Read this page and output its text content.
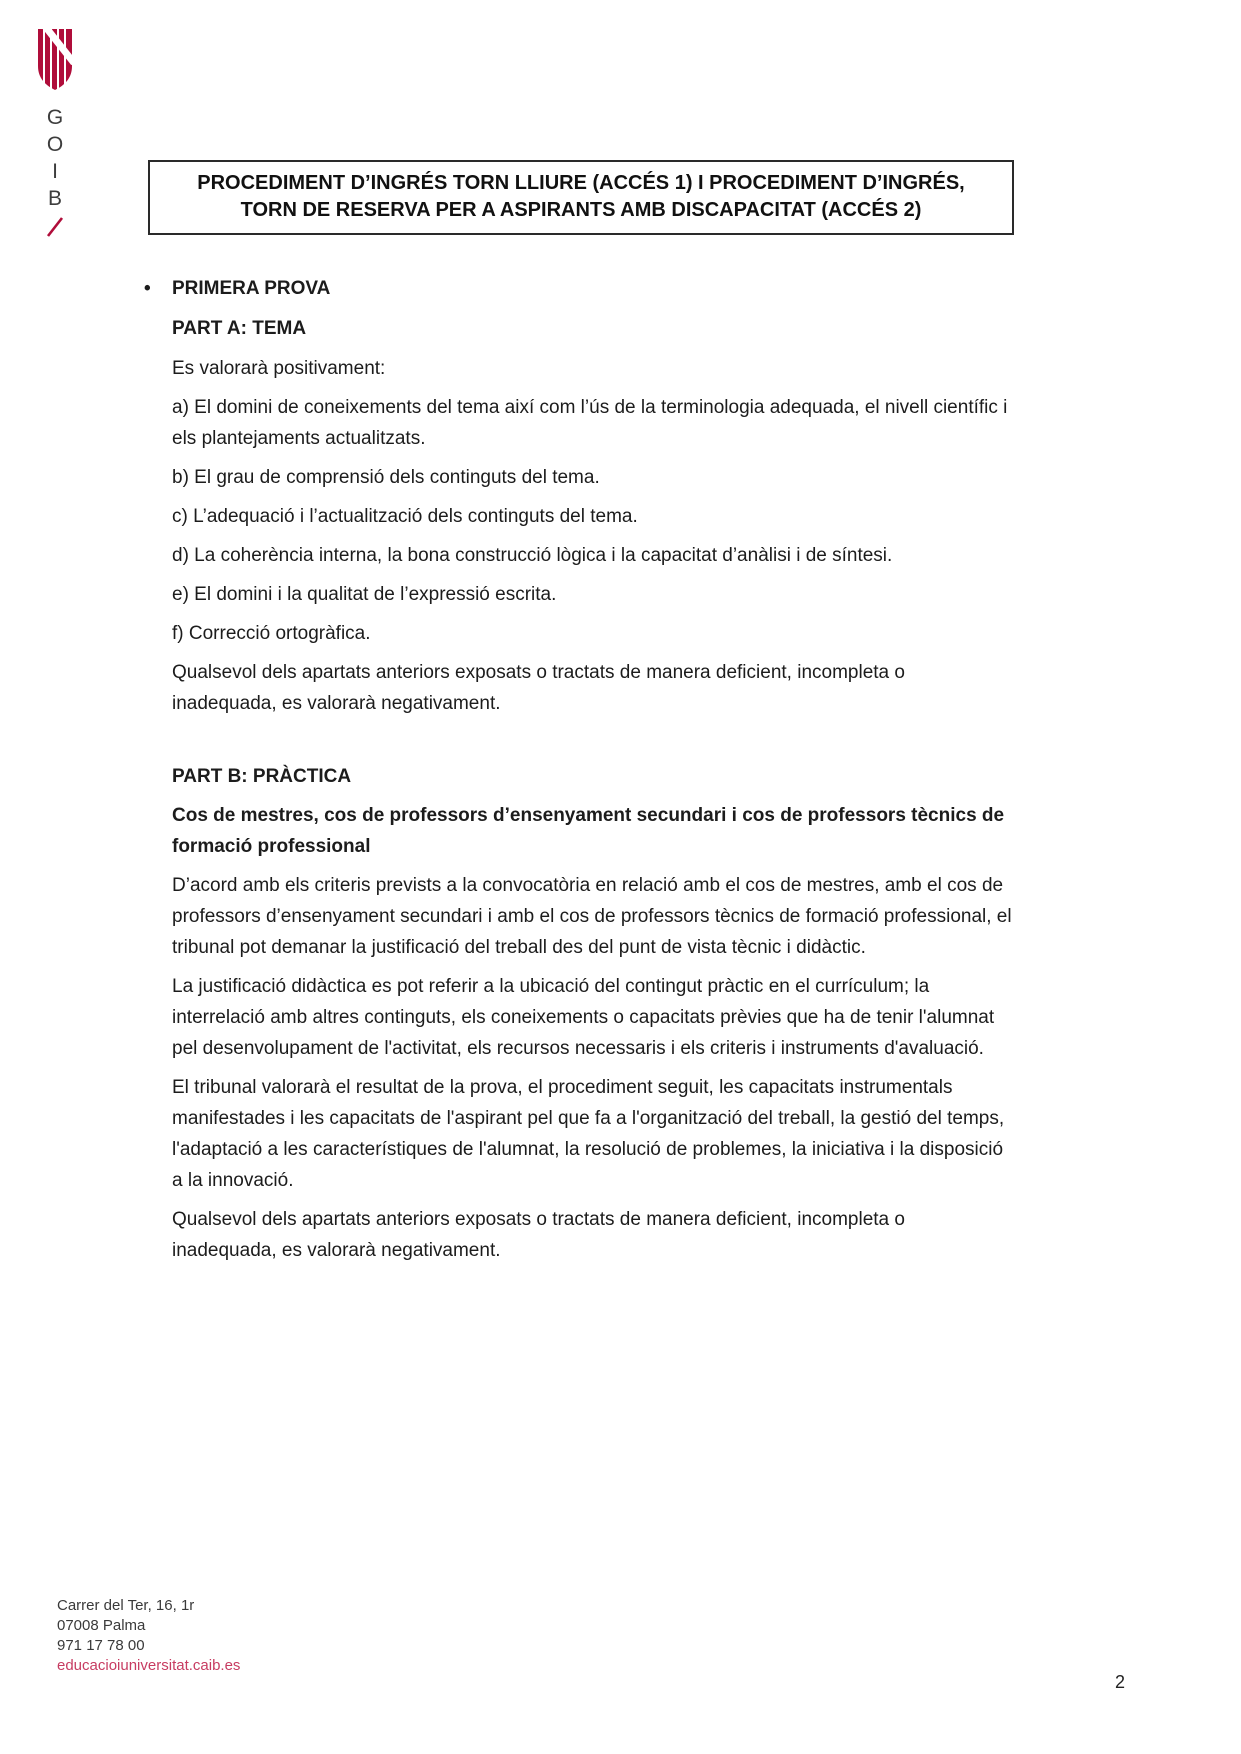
G
O
I
B
PROCEDIMENT D’INGRÉS TORN LLIURE (ACCÉS 1) I PROCEDIMENT D’INGRÉS,
TORN DE RESERVA PER A ASPIRANTS AMB DISCAPACITAT (ACCÉS 2)
•	PRIMERA PROVA
PART A: TEMA
Es valorarà positivament:
a) El domini de coneixements del tema així com l’ús de la terminologia adequada, el nivell científic i els plantejaments actualitzats.
b) El grau de comprensió dels continguts del tema.
c) L’adequació i l’actualització dels continguts del tema.
d) La coherència interna, la bona construcció lògica i la capacitat d’anàlisi i de síntesi.
e) El domini i la qualitat de l’expressió escrita.
f) Correcció ortogràfica.
Qualsevol dels apartats anteriors exposats o tractats de manera deficient, incompleta o inadequada, es valorarà negativament.
PART B: PRÀCTICA
Cos de mestres, cos de professors d’ensenyament secundari i cos de professors tècnics de formació professional
D’acord amb els criteris prevists a la convocatòria en relació amb el cos de mestres, amb el cos de professors d’ensenyament secundari i amb el cos de professors tècnics de formació professional, el tribunal pot demanar la justificació del treball des del punt de vista tècnic i didàctic.
La justificació didàctica es pot referir a la ubicació del contingut pràctic en el currículum; la interrelació amb altres continguts, els coneixements o capacitats prèvies que ha de tenir l'alumnat pel desenvolupament de l'activitat, els recursos necessaris i els criteris i instruments d'avaluació.
El tribunal valorarà el resultat de la prova, el procediment seguit, les capacitats instrumentals manifestades i les capacitats de l'aspirant pel que fa a l'organització del treball, la gestió del temps, l'adaptació a les característiques de l'alumnat, la resolució de problemes, la iniciativa i la disposició a la innovació.
Qualsevol dels apartats anteriors exposats o tractats de manera deficient, incompleta o inadequada, es valorarà negativament.
Carrer del Ter, 16, 1r
07008 Palma
971 17 78 00
educacioiuniversitat.caib.es
2
